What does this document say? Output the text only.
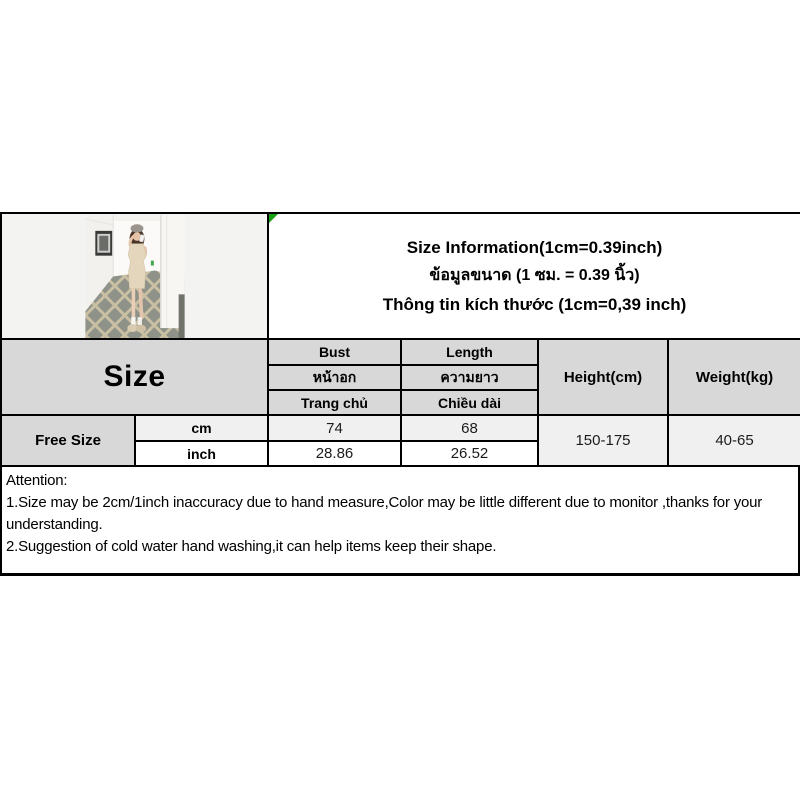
Size Information(1cm=0.39inch)
ข้อมูลขนาด (1 ซม. = 0.39 นิ้ว)
Thông tin kích thước (1cm=0,39 inch)			

Size		Bust	Length	Height(cm)	Weight(kg)
		หน้าอก	ความยาว		
		Trang chủ	Chiều dài		
Free Size	cm	74	68	150-175	40-65
	inch	28.86	26.52		
Attention:
1.Size may be 2cm/1inch inaccuracy due to hand measure,Color may be little different due to monitor ,thanks for your understanding.
2.Suggestion of cold water hand washing,it can help items keep their shape.
